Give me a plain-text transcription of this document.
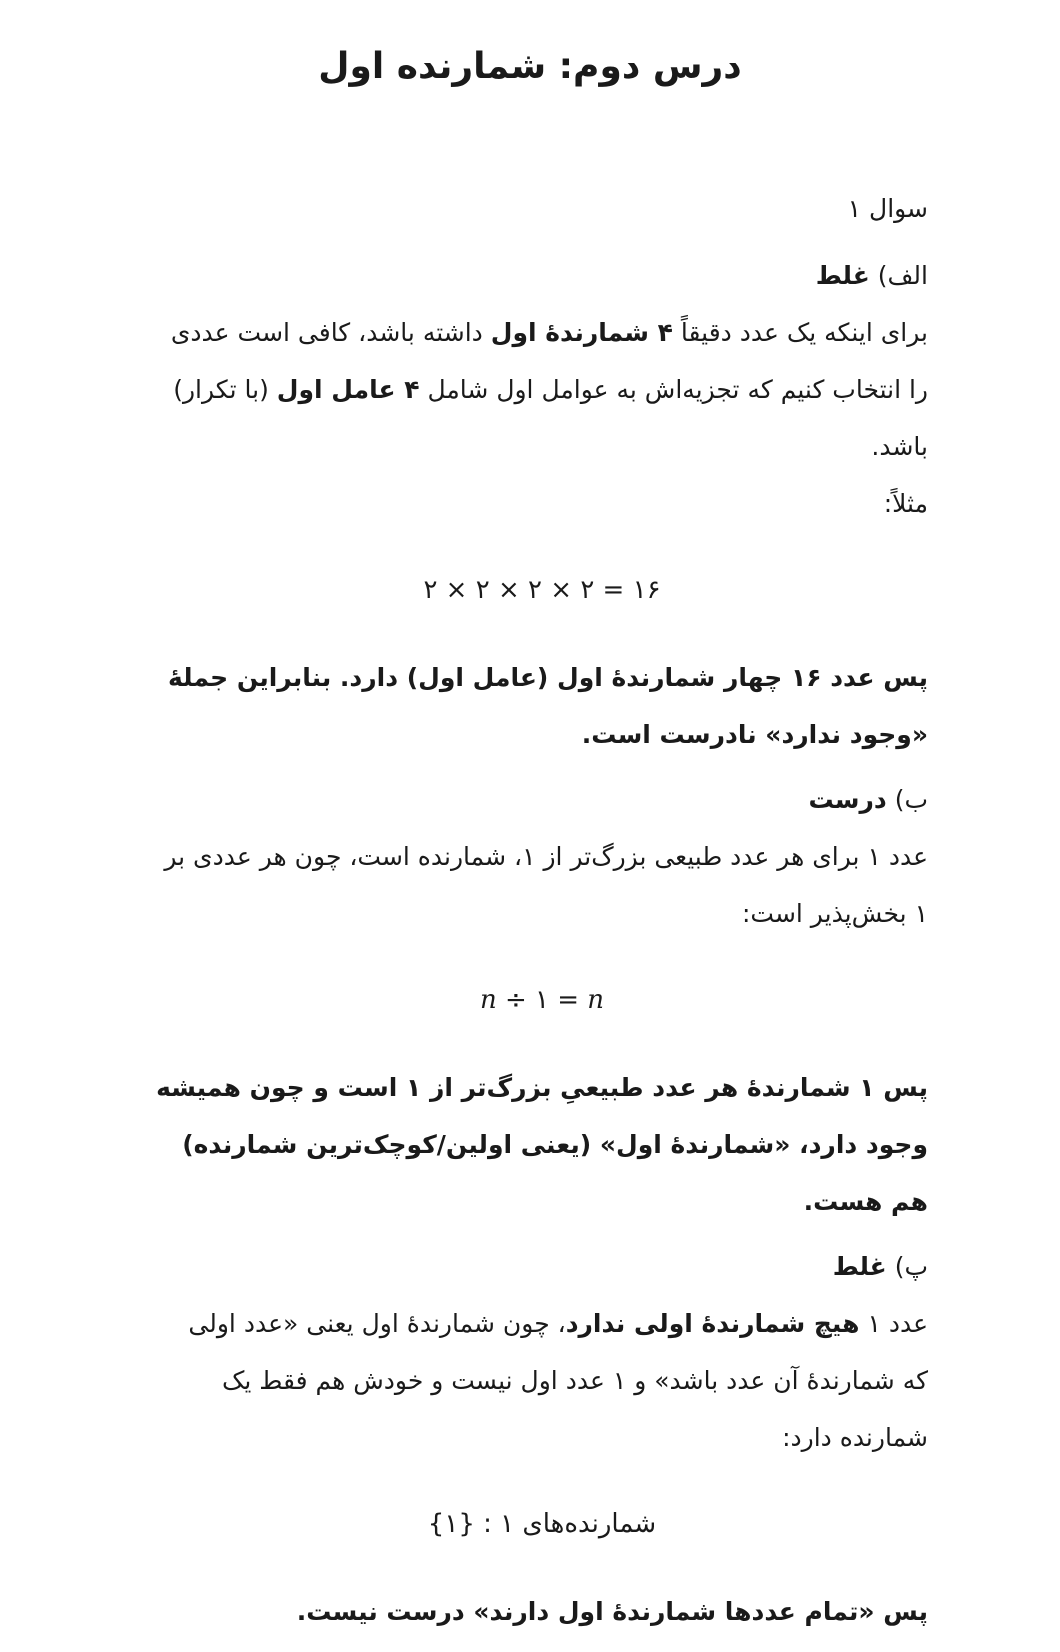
درس دوم: شمارنده اول

سوال ۱

الف) غلط

برای اینکه یک عدد دقیقاً ۴ شمارندهٔ اول داشته باشد، کافی است عددی را انتخاب کنیم که تجزیه‌اش به عوامل اول شامل ۴ عامل اول (با تکرار) باشد.

مثلاً:

۱۶ = ۲ × ۲ × ۲ × ۲

پس عدد ۱۶ چهار شمارندهٔ اول (عامل اول) دارد. بنابراین جملهٔ «وجود ندارد» نادرست است.

ب) درست

عدد ۱ برای هر عدد طبیعی بزرگ‌تر از ۱، شمارنده است، چون هر عددی بر ۱ بخش‌پذیر است:

n ÷ ۱ = n

پس ۱ شمارندهٔ هر عدد طبیعیِ بزرگ‌تر از ۱ است و چون همیشه وجود دارد، «شمارندهٔ اول» (یعنی اولین/کوچک‌ترین شمارنده) هم هست.

پ) غلط

عدد ۱ هیچ شمارندهٔ اولی ندارد، چون شمارندهٔ اول یعنی «عدد اولی که شمارندهٔ آن عدد باشد» و ۱ عدد اول نیست و خودش هم فقط یک شمارنده دارد:

شمارنده‌های ۱ : {۱}

پس «تمام عددها شمارندهٔ اول دارند» درست نیست.
